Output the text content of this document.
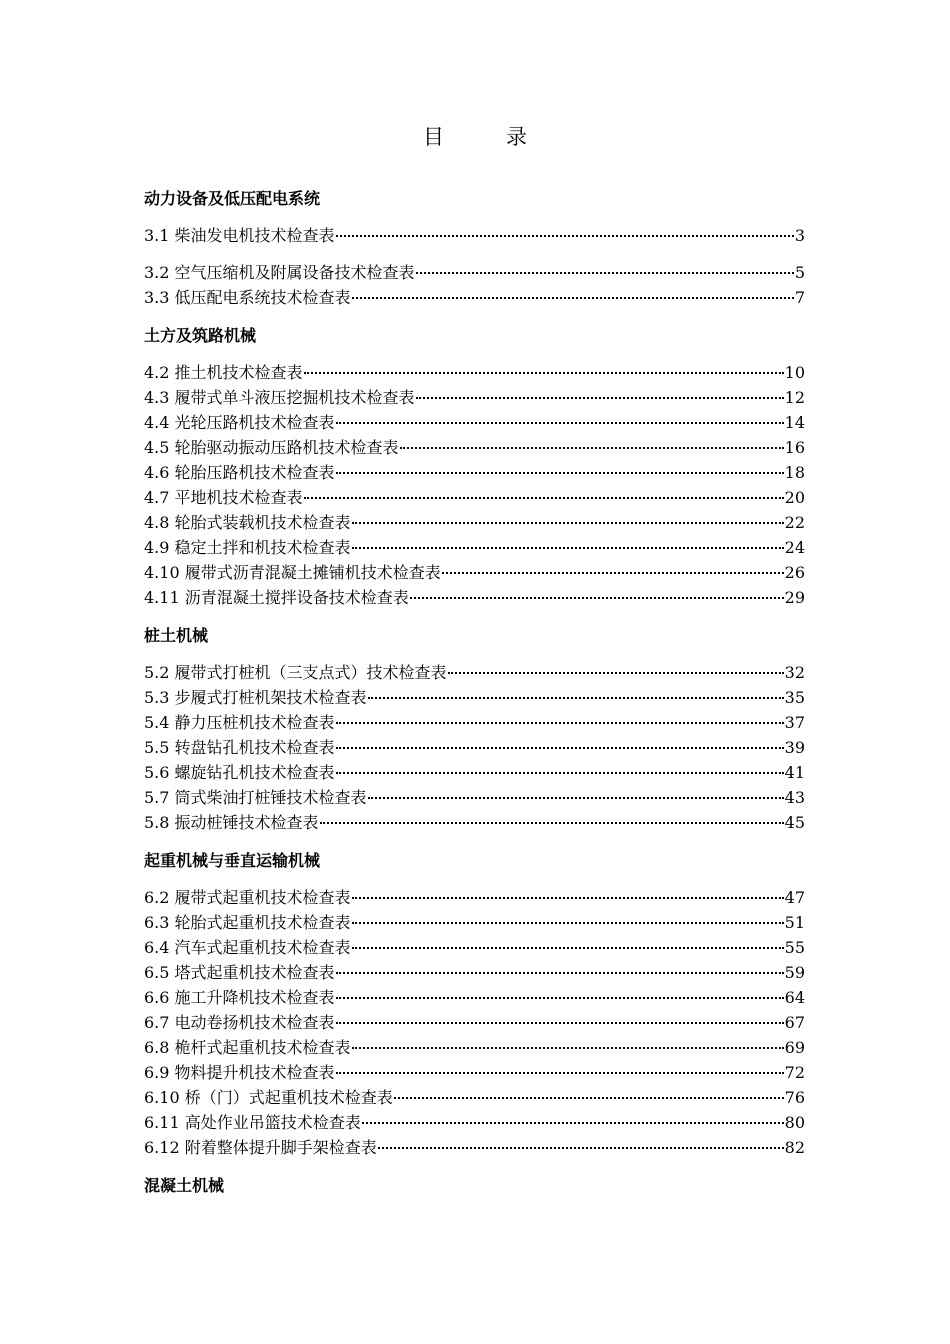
目录
动力设备及低压配电系统
3.1 柴油发电机技术检查表	3
3.2 空气压缩机及附属设备技术检查表	5
3.3 低压配电系统技术检查表	7
土方及筑路机械
4.2 推土机技术检查表	10
4.3 履带式单斗液压挖掘机技术检查表	12
4.4 光轮压路机技术检查表	14
4.5 轮胎驱动振动压路机技术检查表	16
4.6 轮胎压路机技术检查表	18
4.7 平地机技术检查表	20
4.8 轮胎式装载机技术检查表	22
4.9 稳定土拌和机技术检查表	24
4.10 履带式沥青混凝土摊铺机技术检查表	26
4.11 沥青混凝土搅拌设备技术检查表	29
桩土机械
5.2 履带式打桩机（三支点式）技术检查表	32
5.3 步履式打桩机架技术检查表	35
5.4 静力压桩机技术检查表	37
5.5 转盘钻孔机技术检查表	39
5.6 螺旋钻孔机技术检查表	41
5.7 筒式柴油打桩锤技术检查表	43
5.8 振动桩锤技术检查表	45
起重机械与垂直运输机械
6.2 履带式起重机技术检查表	47
6.3 轮胎式起重机技术检查表	51
6.4 汽车式起重机技术检查表	55
6.5 塔式起重机技术检查表	59
6.6 施工升降机技术检查表	64
6.7 电动卷扬机技术检查表	67
6.8 桅杆式起重机技术检查表	69
6.9 物料提升机技术检查表	72
6.10 桥（门）式起重机技术检查表	76
6.11 高处作业吊篮技术检查表	80
6.12 附着整体提升脚手架检查表	82
混凝土机械
